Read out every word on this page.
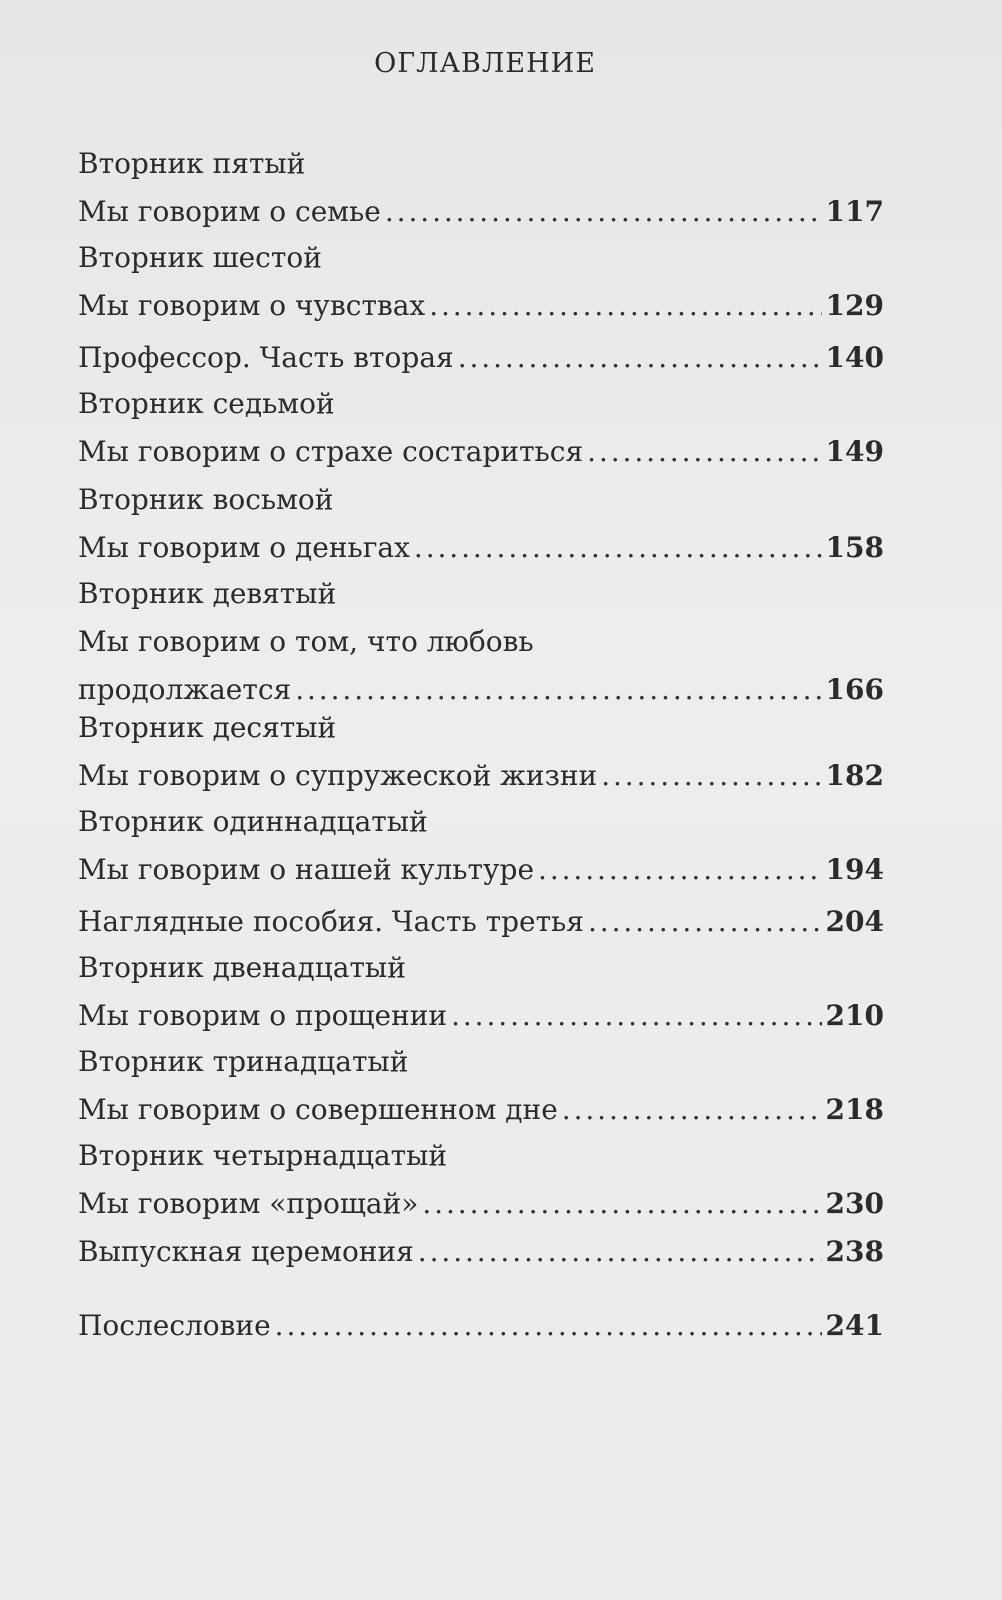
ОГЛАВЛЕНИЕ
Вторник пятый
Мы говорим о семье . . .	117
Вторник шестой
Мы говорим о чувствах . . .	129
Профессор. Часть вторая . . .	140
Вторник седьмой
Мы говорим о страхе состариться . . .	149
Вторник восьмой
Мы говорим о деньгах . . .	158
Вторник девятый
Мы говорим о том, что любовь
продолжается . . .	166
Вторник десятый
Мы говорим о супружеской жизни . . .	182
Вторник одиннадцатый
Мы говорим о нашей культуре . . .	194
Наглядные пособия. Часть третья . . .	204
Вторник двенадцатый
Мы говорим о прощении . . .	210
Вторник тринадцатый
Мы говорим о совершенном дне . . .	218
Вторник четырнадцатый
Мы говорим «прощай» . . .	230
Выпускная церемония . . .	238
Послесловие . . .	241
